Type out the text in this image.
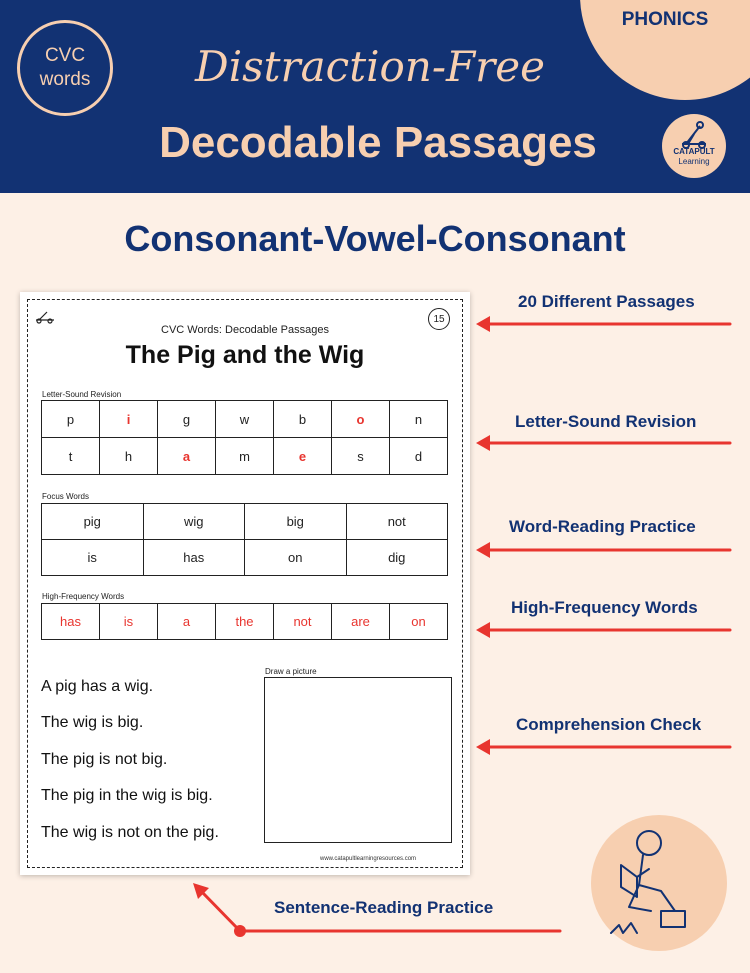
CVC
words
PHONICS
Distraction-Free
Decodable Passages	CATAPULT
Learning
Consonant-Vowel-Consonant
15
CVC Words: Decodable Passages
The Pig and the Wig
Letter-Sound Revision
p	i	g	w	b	o	n
t	h	a	m	e	s	d
Focus Words
pig	wig	big	not
is	has	on	dig
High-Frequency Words
has	is	a	the	not	are	on
A pig has a wig.
The wig is big.
The pig is not big.
The pig in the wig is big.
The wig is not on the pig.
Draw a picture
www.catapultlearningresources.com
20 Different Passages
Letter-Sound Revision
Word-Reading Practice
High-Frequency Words
Comprehension Check
Sentence-Reading Practice
